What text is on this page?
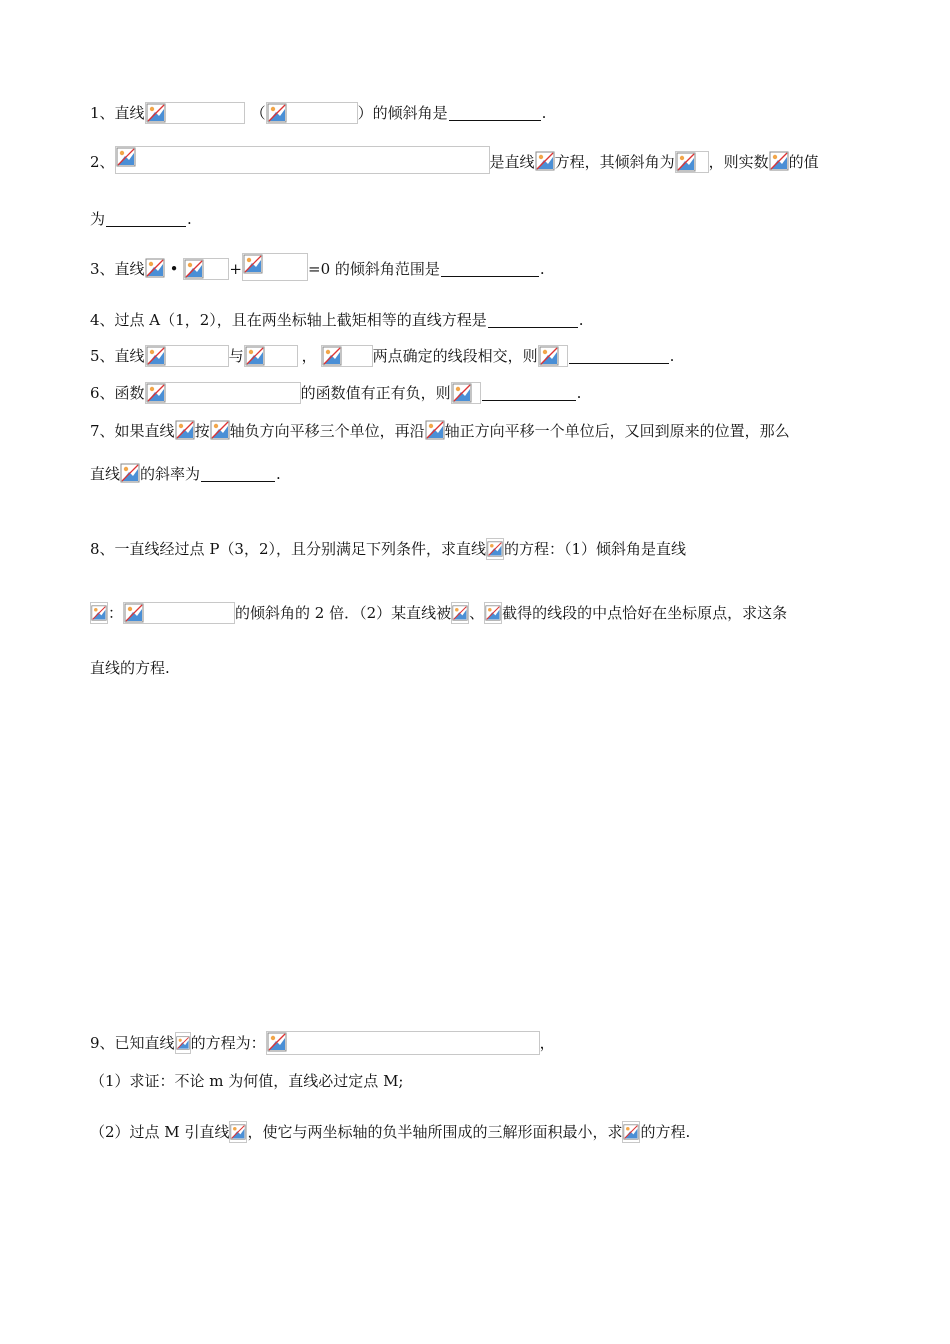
1、 直线	（	）的倾斜角是	.
2、	是直线 方程，其倾斜角为 ，则实数 的值
为	.
3、 直线 •	+	=0 的倾斜角范围是	.
4、过点 A（1，2），且在两坐标轴上截矩相等的直线方程是	.
5、 直线	与	，	两点确定的线段相交，则	.
6、 函数	的函数值有正有负，则	.
7、 如果直线 按 轴负方向平移三个单位，再沿 轴正方向平移一个单位后，又回到原来的位置，那么
直线 的斜率为	.
8、 一直线经过点 P（3，2），且分别满足下列条件，求直线 的方程：（1）倾斜角是直线
：	的倾斜角的 2 倍．（2）某直线被 、 截得的线段的中点恰好在坐标原点，求这条
直线的方程.
9、 已知直线 的方程为：	，
（1）求证：不论 m 为何值，直线必过定点 M;
（2）过点 M 引直线 ，使它与两坐标轴的负半轴所围成的三解形面积最小，求 的方程.
